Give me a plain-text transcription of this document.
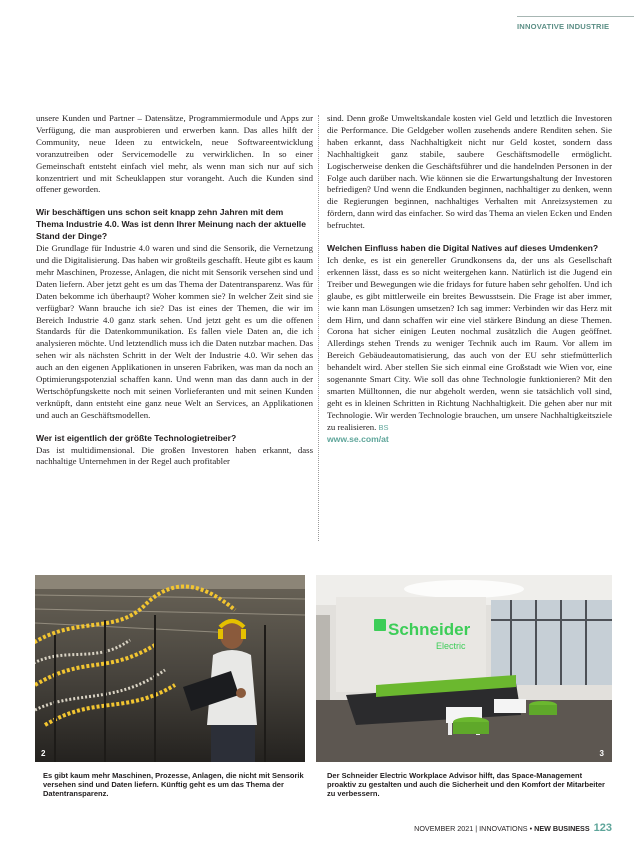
INNOVATIVE INDUSTRIE

unsere Kunden und Partner – Datensätze, Programmiermodule und Apps zur Verfügung, die man ausprobieren und erwerben kann. Das alles hilft der Community, neue Ideen zu entwickeln, neue Softwareentwicklung voranzutreiben oder Servicemodelle zu verwirklichen. In so einer Gemeinschaft entsteht einfach viel mehr, als wenn man sich nur auf sich konzentriert und mit Scheuklappen stur vorangeht. Auch die Kunden sind offener geworden.

Wir beschäftigen uns schon seit knapp zehn Jahren mit dem Thema Industrie 4.0. Was ist denn Ihrer Meinung nach der aktuelle Stand der Dinge?

Die Grundlage für Industrie 4.0 waren und sind die Sensorik, die Vernetzung und die Digitalisierung. Das haben wir großteils geschafft. Heute gibt es kaum mehr Maschinen, Prozesse, Anlagen, die nicht mit Sensorik versehen sind und Daten liefern. Aber jetzt geht es um das Thema der Datentransparenz. Was für Daten bekomme ich überhaupt? Woher kommen sie? In welcher Zeit sind sie verfügbar? Wann brauche ich sie? Das ist eines der Themen, die wir im Bereich Industrie 4.0 ganz stark sehen. Und jetzt geht es um die offenen Standards für die Datenkommunikation. Es fallen viele Daten an, die ich analysieren möchte. Und letztendlich muss ich die Daten nutzbar machen. Das sehen wir als nächsten Schritt in der Welt der Industrie 4.0. Wir sehen das auch an den eigenen Applikationen in unseren Fabriken, was man da noch an Optimierungspotenzial schaffen kann. Und wenn man das dann auch in der Wertschöpfungskette noch mit seinen Vorlieferanten und mit seinen Kunden verknüpft, dann entsteht eine ganz neue Welt an Services, an Applikationen und auch an Geschäftsmodellen.

Wer ist eigentlich der größte Technologietreiber?

Das ist multidimensional. Die großen Investoren haben erkannt, dass nachhaltige Unternehmen in der Regel auch profitabler

sind. Denn große Umweltskandale kosten viel Geld und letztlich die Investoren die Performance. Die Geldgeber wollen zusehends andere Renditen sehen. Sie haben erkannt, dass Nachhaltigkeit nicht nur Geld kostet, sondern dass Nachhaltigkeit ganz stabile, saubere Geschäftsmodelle ermöglicht. Logischerweise denken die Geschäftsführer und die handelnden Personen in der Folge auch darüber nach. Wie können sie die Erwartungshaltung der Investoren befriedigen? Und wenn die Endkunden beginnen, nachhaltiger zu denken, wenn die Regierungen beginnen, nachhaltiges Verhalten mit Anreizsystemen zu fördern, dann wird das einfacher. So wird das Thema an vielen Ecken und Enden befruchtet.

Welchen Einfluss haben die Digital Natives auf dieses Umdenken?

Ich denke, es ist ein genereller Grundkonsens da, der uns als Gesellschaft erkennen lässt, dass es so nicht weitergehen kann. Natürlich ist die Jugend ein Treiber und Bewegungen wie die fridays for future haben sehr geholfen. Und ich glaube, es gibt mittlerweile ein breites Bewusstsein. Die Frage ist aber immer, wie kann man Lösungen umsetzen? Ich sag immer: Verbinden wir das Herz mit dem Hirn, und dann schaffen wir eine viel stärkere Bindung an diese Themen. Corona hat sicher einigen Leuten nochmal zusätzlich die Augen geöffnet. Allerdings stehen Trends zu weniger Technik auch im Raum. Vor allem im Bereich Gebäudeautomatisierung, das auch von der EU sehr stiefmütterlich behandelt wird. Aber stellen Sie sich einmal eine Großstadt wie Wien vor, eine sogenannte Smart City. Wie soll das ohne Technologie funktionieren? Mit den smarten Mülltonnen, die nur abgeholt werden, wenn sie tatsächlich voll sind, geht es in kleinen Schritten in Richtung Nachhaltigkeit. Die gehen aber nur mit Technologie. Wir werden Technologie brauchen, um unsere Nachhaltigkeitsziele zu realisieren. BS

www.se.com/at
2
Schneider
Electric
3
Es gibt kaum mehr Maschinen, Prozesse, Anlagen, die nicht mit Sensorik versehen sind und Daten liefern. Künftig geht es um das Thema der Datentransparenz.
Der Schneider Electric Workplace Advisor hilft, das Space-Management proaktiv zu gestalten und auch die Sicherheit und den Komfort der Mitarbeiter zu verbessern.
NOVEMBER 2021 | INNOVATIONS • NEW BUSINESS 123
